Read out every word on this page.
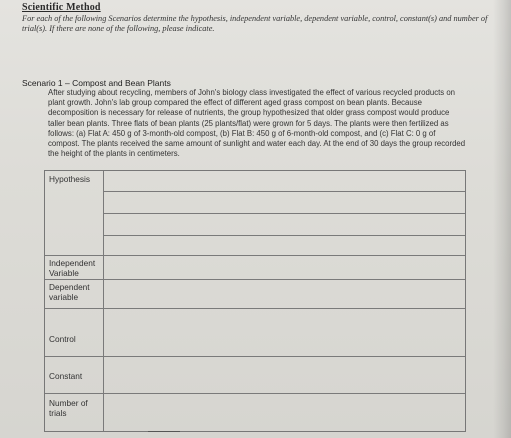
Scientific Method
For each of the following Scenarios determine the hypothesis, independent variable, dependent variable, control, constant(s) and number of trial(s). If there are none of the following, please indicate.
Scenario 1 – Compost and Bean Plants
After studying about recycling, members of John's biology class investigated the effect of various recycled products on plant growth. John's lab group compared the effect of different aged grass compost on bean plants. Because decomposition is necessary for release of nutrients, the group hypothesized that older grass compost would produce taller bean plants. Three flats of bean plants (25 plants/flat) were grown for 5 days. The plants were then fertilized as follows: (a) Flat A: 450 g of 3-month-old compost, (b) Flat B: 450 g of 6-month-old compost, and (c) Flat C: 0 g of compost. The plants received the same amount of sunlight and water each day. At the end of 30 days the group recorded the height of the plants in centimeters.
Hypothesis
Independent Variable
Dependent variable
Control
Constant
Number of trials
